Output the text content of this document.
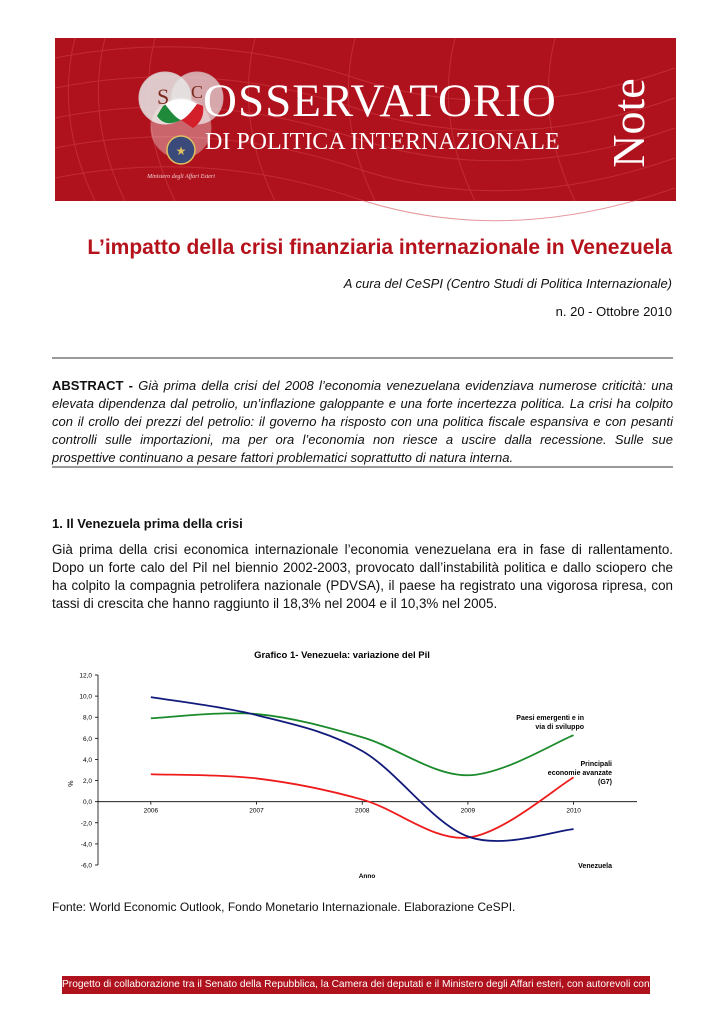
S C
★
Ministero degli Affari Esteri
OSSERVATORIO
DI POLITICA INTERNAZIONALE Note
L’impatto della crisi finanziaria internazionale in Venezuela
A cura del CeSPI (Centro Studi di Politica Internazionale)
n. 20 - Ottobre 2010
ABSTRACT - Già prima della crisi del 2008 l’economia venezuelana evidenziava numerose criticità: una elevata dipendenza dal petrolio, un’inflazione galoppante e una forte incertezza politica. La crisi ha colpito con il crollo dei prezzi del petrolio: il governo ha risposto con una politica fiscale espansiva e con pesanti controlli sulle importazioni, ma per ora l’economia non riesce a uscire dalla recessione. Sulle sue prospettive continuano a pesare fattori problematici soprattutto di natura interna.
1. Il Venezuela prima della crisi
Già prima della crisi economica internazionale l’economia venezuelana era in fase di rallentamento. Dopo un forte calo del Pil nel biennio 2002-2003, provocato dall’instabilità politica e dallo sciopero che ha colpito la compagnia petrolifera nazionale (PDVSA), il paese ha registrato una vigorosa ripresa, con tassi di crescita che hanno raggiunto il 18,3% nel 2004 e il 10,3% nel 2005.
Grafico 1- Venezuela: variazione del Pil
12,0
10,0
8,0
6,0
4,0
2,0
0,0
-2,0
-4,0
-6,0
%
2006	2007	2008	2009	2010
Anno
Paesi emergenti e in via di sviluppo
Principali economie avanzate (G7)
Venezuela
Fonte: World Economic Outlook, Fondo Monetario Internazionale. Elaborazione CeSPI.
Progetto di collaborazione tra il Senato della Repubblica, la Camera dei deputati e il Ministero degli Affari esteri, con autorevoli contributi scientifici
